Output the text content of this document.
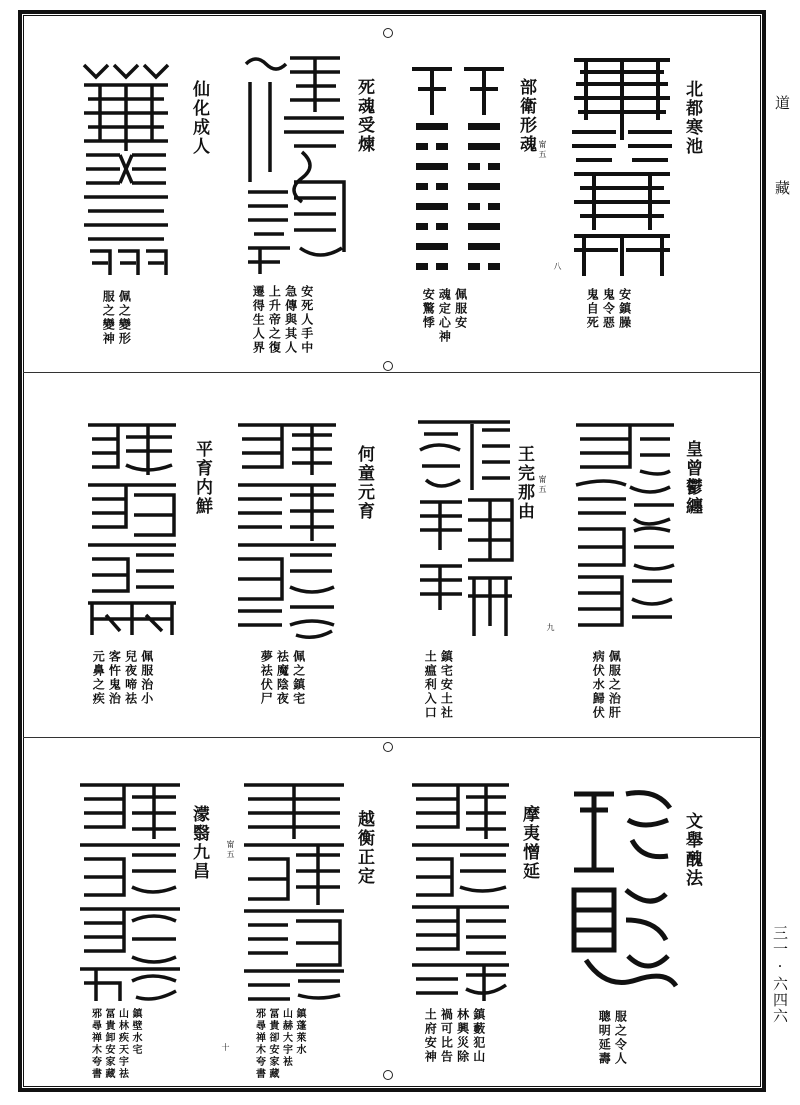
道
藏
三一·六四六
八
九
十
北都寒池
安鎮臊
鬼令惡
鬼自死
部衛形魂 甯五
佩服安
魂定心神
安驚悸
死魂受煉
安死人手中
急傳與其人
上升帝之復
遷得生人界
仙化成人
佩之變形
服之變神
皇曾鬱纏
佩服之治肝
病伏水歸伏
王完那由 甯五
鎮宅安土社
土瘟利入口
何童元育
佩之鎮宅
祛魔陰夜
夢祛伏尸
平育内鮮
佩服治小
兒夜啼祛
客忤鬼治
元鼻之疾
文舉醜法
服之令人
聰明延壽
摩夷憎延
鎮藪犯山
林興災除
禍可比告
土府安神
越衡正定
鎮蓬萊水
山赫大宇袪
冨貴卻安家藏
邪尋禅木夸書
濛翳九昌 甯五
鎮壁水宅
山林疾天宇祛
冨貴卸安家藏
邪尋禅木夸書
